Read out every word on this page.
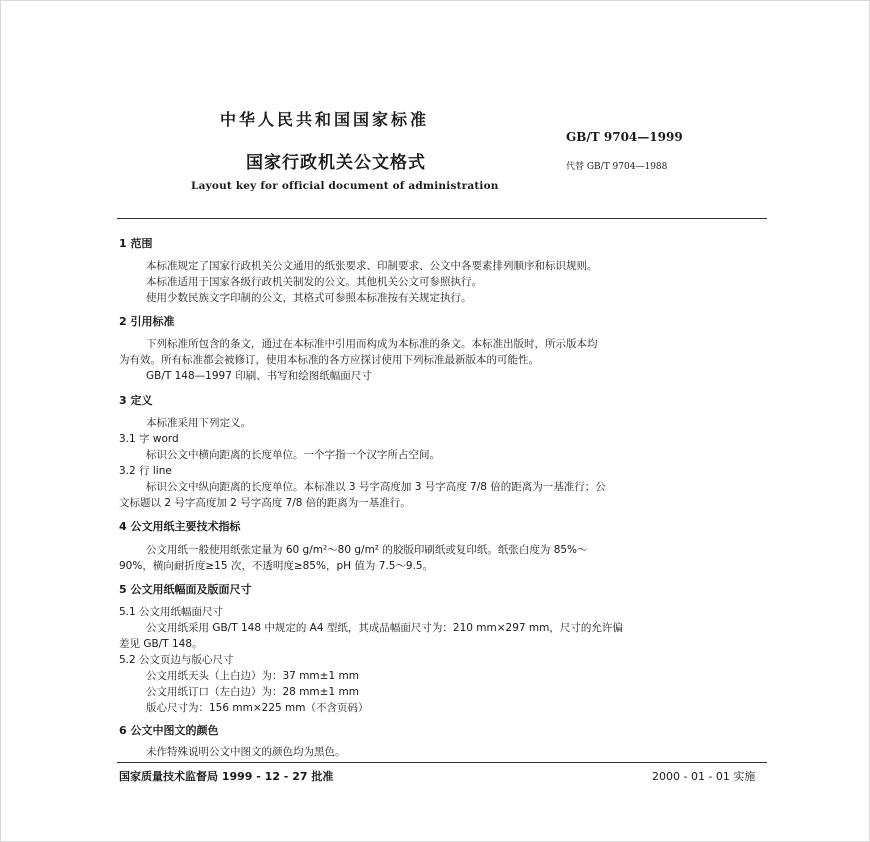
中华人民共和国国家标准
GB/T 9704—1999
国家行政机关公文格式	代替 GB/T 9704—1988
Layout key for official document of administration
1 范围
本标准规定了国家行政机关公文通用的纸张要求、印制要求、公文中各要素排列顺序和标识规则。
本标准适用于国家各级行政机关制发的公文。其他机关公文可参照执行。
使用少数民族文字印制的公文，其格式可参照本标准按有关规定执行。
2 引用标准
下列标准所包含的条文，通过在本标准中引用而构成为本标准的条文。本标准出版时，所示版本均
为有效。所有标准都会被修订，使用本标准的各方应探讨使用下列标准最新版本的可能性。
GB/T 148—1997 印刷、书写和绘图纸幅面尺寸
3 定义
本标准采用下列定义。
3.1 字 word
标识公文中横向距离的长度单位。一个字指一个汉字所占空间。
3.2 行 line
标识公文中纵向距离的长度单位。本标准以 3 号字高度加 3 号字高度 7/8 倍的距离为一基准行；公
文标题以 2 号字高度加 2 号字高度 7/8 倍的距离为一基准行。
4 公文用纸主要技术指标
公文用纸一般使用纸张定量为 60 g/m²～80 g/m² 的胶版印刷纸或复印纸。纸张白度为 85%～
90%，横向耐折度≥15 次，不透明度≥85%，pH 值为 7.5～9.5。
5 公文用纸幅面及版面尺寸
5.1 公文用纸幅面尺寸
公文用纸采用 GB/T 148 中规定的 A4 型纸，其成品幅面尺寸为：210 mm×297 mm，尺寸的允许偏
差见 GB/T 148。
5.2 公文页边与版心尺寸
公文用纸天头（上白边）为：37 mm±1 mm
公文用纸订口（左白边）为：28 mm±1 mm
版心尺寸为：156 mm×225 mm（不含页码）
6 公文中图文的颜色
未作特殊说明公文中图文的颜色均为黑色。
国家质量技术监督局 1999 - 12 - 27 批准	2000 - 01 - 01 实施
